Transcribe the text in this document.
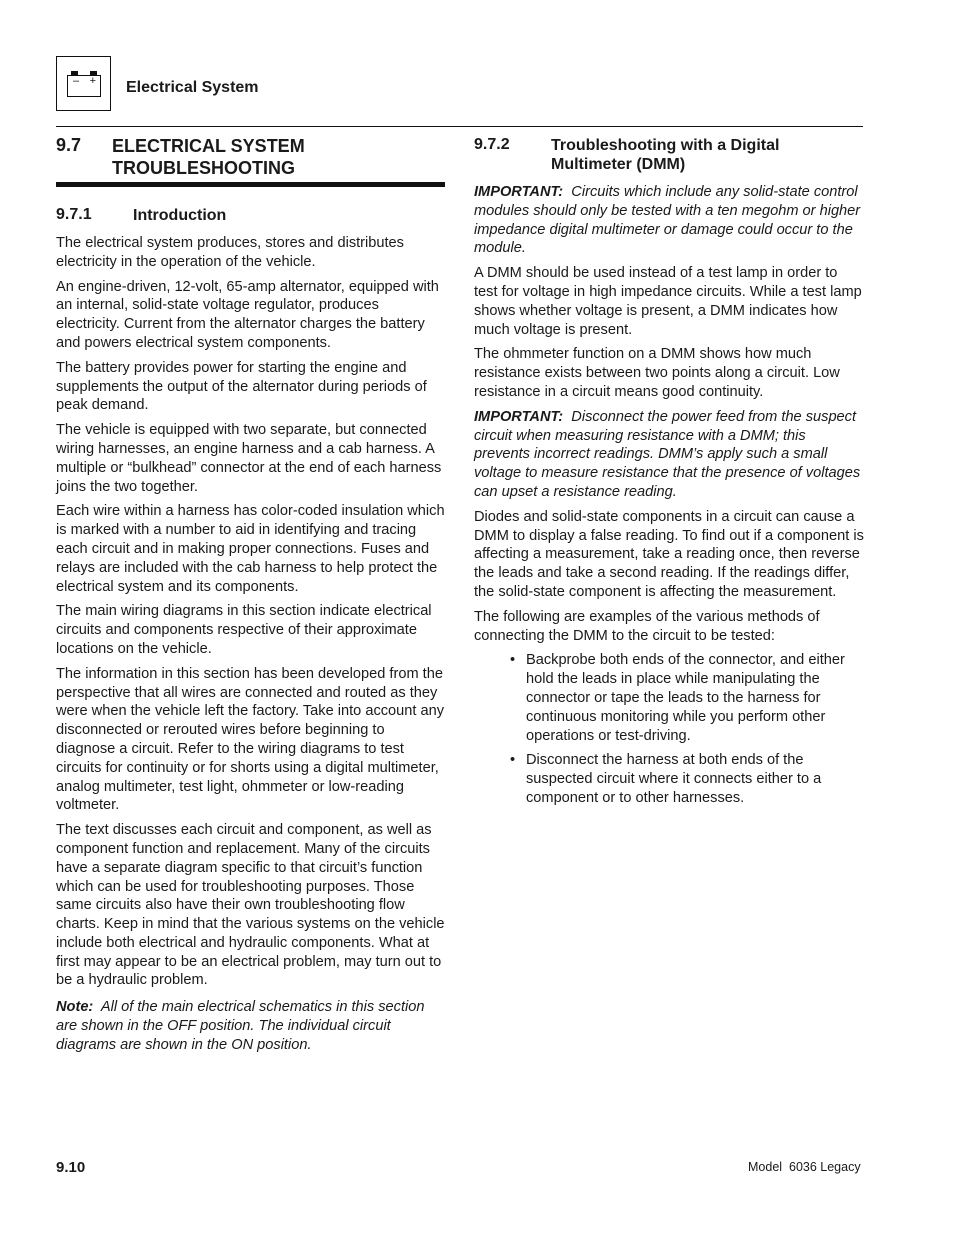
– + Electrical System
9.7 ELECTRICAL SYSTEM
TROUBLESHOOTING
9.7.1	Introduction

The electrical system produces, stores and distributes electricity in the operation of the vehicle.

An engine-driven, 12-volt, 65-amp alternator, equipped with an internal, solid-state voltage regulator, produces electricity. Current from the alternator charges the battery and powers electrical system components.

The battery provides power for starting the engine and supplements the output of the alternator during periods of peak demand.

The vehicle is equipped with two separate, but connected wiring harnesses, an engine harness and a cab harness. A multiple or “bulkhead” connector at the end of each harness joins the two together.

Each wire within a harness has color-coded insulation which is marked with a number to aid in identifying and tracing each circuit and in making proper connections. Fuses and relays are included with the cab harness to help protect the electrical system and its components.

The main wiring diagrams in this section indicate electrical circuits and components respective of their approximate locations on the vehicle.

The information in this section has been developed from the perspective that all wires are connected and routed as they were when the vehicle left the factory. Take into account any disconnected or rerouted wires before beginning to diagnose a circuit. Refer to the wiring diagrams to test circuits for continuity or for shorts using a digital multimeter, analog multimeter, test light, ohmmeter or low-reading voltmeter.

The text discusses each circuit and component, as well as component function and replacement. Many of the circuits have a separate diagram specific to that circuit’s function which can be used for troubleshooting purposes. Those same circuits also have their own troubleshooting flow charts. Keep in mind that the various systems on the vehicle include both electrical and hydraulic components. What at first may appear to be an electrical problem, may turn out to be a hydraulic problem.

Note: All of the main electrical schematics in this section are shown in the OFF position. The individual circuit diagrams are shown in the ON position.

9.7.2	Troubleshooting with a Digital
Multimeter (DMM)

IMPORTANT: Circuits which include any solid-state control modules should only be tested with a ten megohm or higher impedance digital multimeter or damage could occur to the module.

A DMM should be used instead of a test lamp in order to test for voltage in high impedance circuits. While a test lamp shows whether voltage is present, a DMM indicates how much voltage is present.

The ohmmeter function on a DMM shows how much resistance exists between two points along a circuit. Low resistance in a circuit means good continuity.

IMPORTANT: Disconnect the power feed from the suspect circuit when measuring resistance with a DMM; this prevents incorrect readings. DMM’s apply such a small voltage to measure resistance that the presence of voltages can upset a resistance reading.

Diodes and solid-state components in a circuit can cause a DMM to display a false reading. To find out if a component is affecting a measurement, take a reading once, then reverse the leads and take a second reading. If the readings differ, the solid-state component is affecting the measurement.

The following are examples of the various methods of connecting the DMM to the circuit to be tested:

• Backprobe both ends of the connector, and either hold the leads in place while manipulating the connector or tape the leads to the harness for continuous monitoring while you perform other operations or test-driving.
• Disconnect the harness at both ends of the suspected circuit where it connects either to a component or to other harnesses.
9.10	Model  6036 Legacy
